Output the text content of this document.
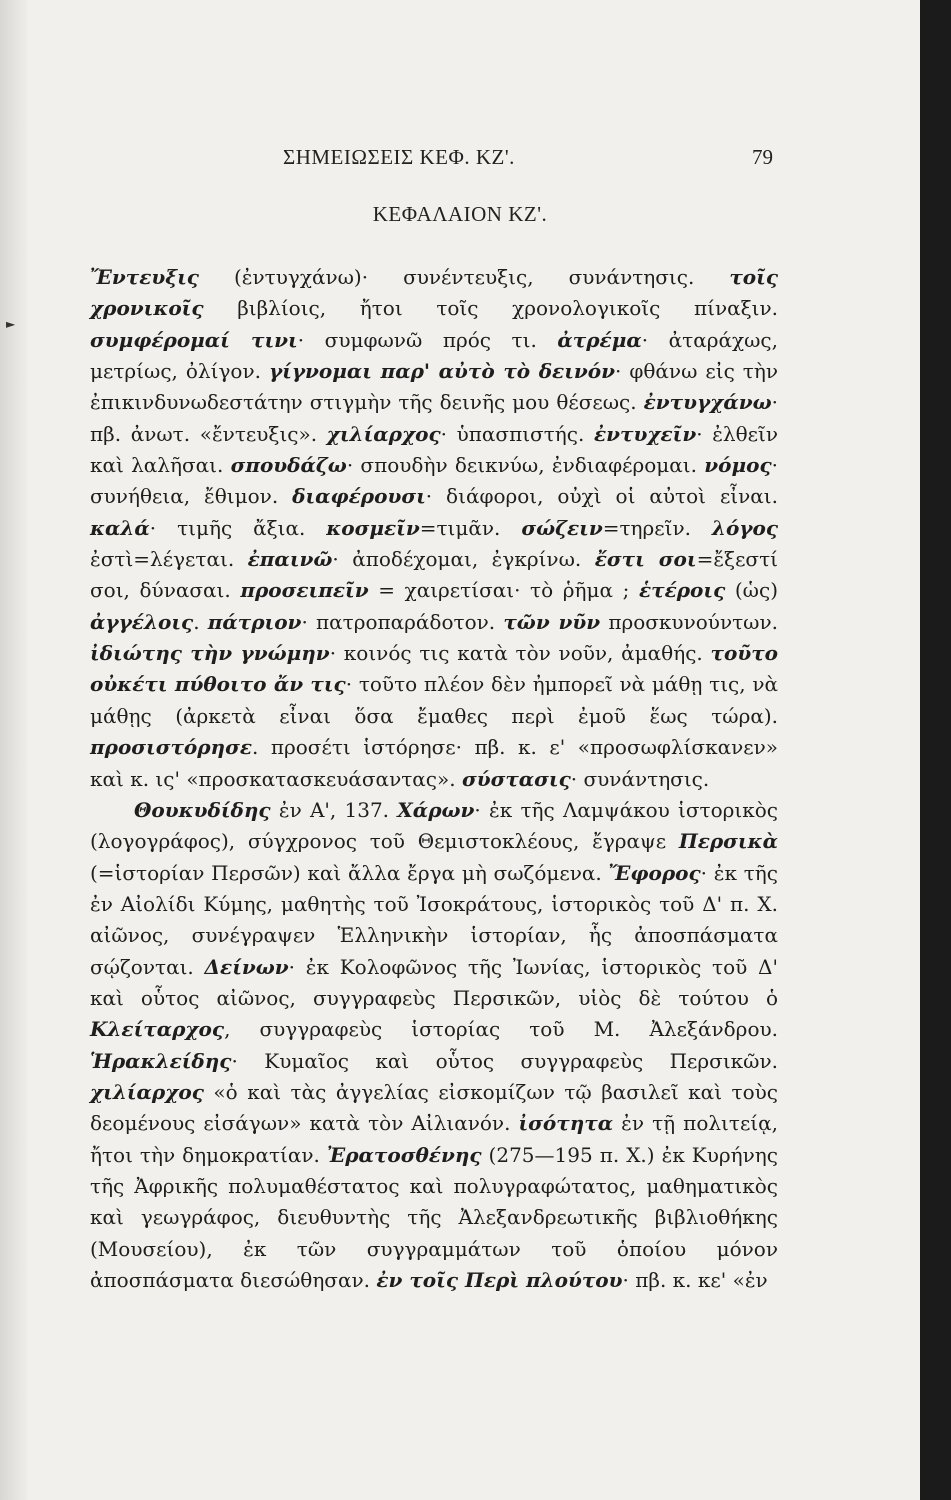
ΣΗΜΕΙΩΣΕΙΣ ΚΕΦ. ΚΖ'.	79
►
ΚΕΦΑΛΑΙΟΝ ΚΖ'.

Ἔντευξις (ἐντυγχάνω)· συνέντευξις, συνάντησις. τοῖς χρονικοῖς βιβλίοις, ἤτοι τοῖς χρονολογικοῖς πίναξιν. συμφέρομαί τινι· συμφωνῶ πρός τι. ἀτρέμα· ἀταράχως, μετρίως, ὀλίγον. γίγνομαι παρ' αὐτὸ τὸ δεινόν· φθάνω εἰς τὴν ἐπικινδυνωδεστάτην στιγμὴν τῆς δεινῆς μου θέσεως. ἐντυγχάνω· πβ. ἀνωτ. «ἔντευξις». χιλίαρχος· ὑπασπιστής. ἐντυχεῖν· ἐλθεῖν καὶ λαλῆσαι. σπουδάζω· σπουδὴν δεικνύω, ἐνδιαφέρομαι. νόμος· συνήθεια, ἔθιμον. διαφέρουσι· διάφοροι, οὐχὶ οἱ αὐτοὶ εἶναι. καλά· τιμῆς ἄξια. κοσμεῖν=τιμᾶν. σώζειν=τηρεῖν. λόγος ἐστὶ=λέγεται. ἐπαινῶ· ἀποδέχομαι, ἐγκρίνω. ἔστι σοι=ἔξεστί σοι, δύνασαι. προσειπεῖν = χαιρετίσαι· τὸ ῥῆμα ; ἑτέροις (ὡς) ἀγγέλοις. πάτριον· πατροπαράδοτον. τῶν νῦν προσκυνούντων. ἰδιώτης τὴν γνώμην· κοινός τις κατὰ τὸν νοῦν, ἀμαθής. τοῦτο οὐκέτι πύθοιτο ἄν τις· τοῦτο πλέον δὲν ἠμπορεῖ νὰ μάθῃ τις, νὰ μάθῃς (ἀρκετὰ εἶναι ὅσα ἔμαθες περὶ ἐμοῦ ἕως τώρα). προσιστόρησε. προσέτι ἱστόρησε· πβ. κ. ε' «προσωφλίσκανεν» καὶ κ. ις' «προσκατασκευάσαντας». σύστασις· συνάντησις.

Θουκυδίδης ἐν Α', 137. Χάρων· ἐκ τῆς Λαμψάκου ἱστορικὸς (λογογράφος), σύγχρονος τοῦ Θεμιστοκλέους, ἔγραψε Περσικὰ (=ἱστορίαν Περσῶν) καὶ ἄλλα ἔργα μὴ σωζόμενα. Ἔφορος· ἐκ τῆς ἐν Αἰολίδι Κύμης, μαθητὴς τοῦ Ἰσοκράτους, ἱστορικὸς τοῦ Δ' π. Χ. αἰῶνος, συνέγραψεν Ἑλληνικὴν ἱστορίαν, ἧς ἀποσπάσματα σῴζονται. Δείνων· ἐκ Κολοφῶνος τῆς Ἰωνίας, ἱστορικὸς τοῦ Δ' καὶ οὗτος αἰῶνος, συγγραφεὺς Περσικῶν, υἱὸς δὲ τούτου ὁ Κλείταρχος, συγγραφεὺς ἱστορίας τοῦ Μ. Ἀλεξάνδρου. Ἡρακλείδης· Κυμαῖος καὶ οὗτος συγγραφεὺς Περσικῶν. χιλίαρχος «ὁ καὶ τὰς ἀγγελίας εἰσκομίζων τῷ βασιλεῖ καὶ τοὺς δεομένους εἰσάγων» κατὰ τὸν Αἰλιανόν. ἰσότητα ἐν τῇ πολιτείᾳ, ἤτοι τὴν δημοκρατίαν. Ἐρατοσθένης (275—195 π. Χ.) ἐκ Κυρήνης τῆς Ἀφρικῆς πολυμαθέστατος καὶ πολυγραφώτατος, μαθηματικὸς καὶ γεωγράφος, διευθυντὴς τῆς Ἀλεξανδρεωτικῆς βιβλιοθήκης (Μουσείου), ἐκ τῶν συγγραμμάτων τοῦ ὁποίου μόνον ἀποσπάσματα διεσώθησαν. ἐν τοῖς Περὶ πλούτου· πβ. κ. κε' «ἐν
